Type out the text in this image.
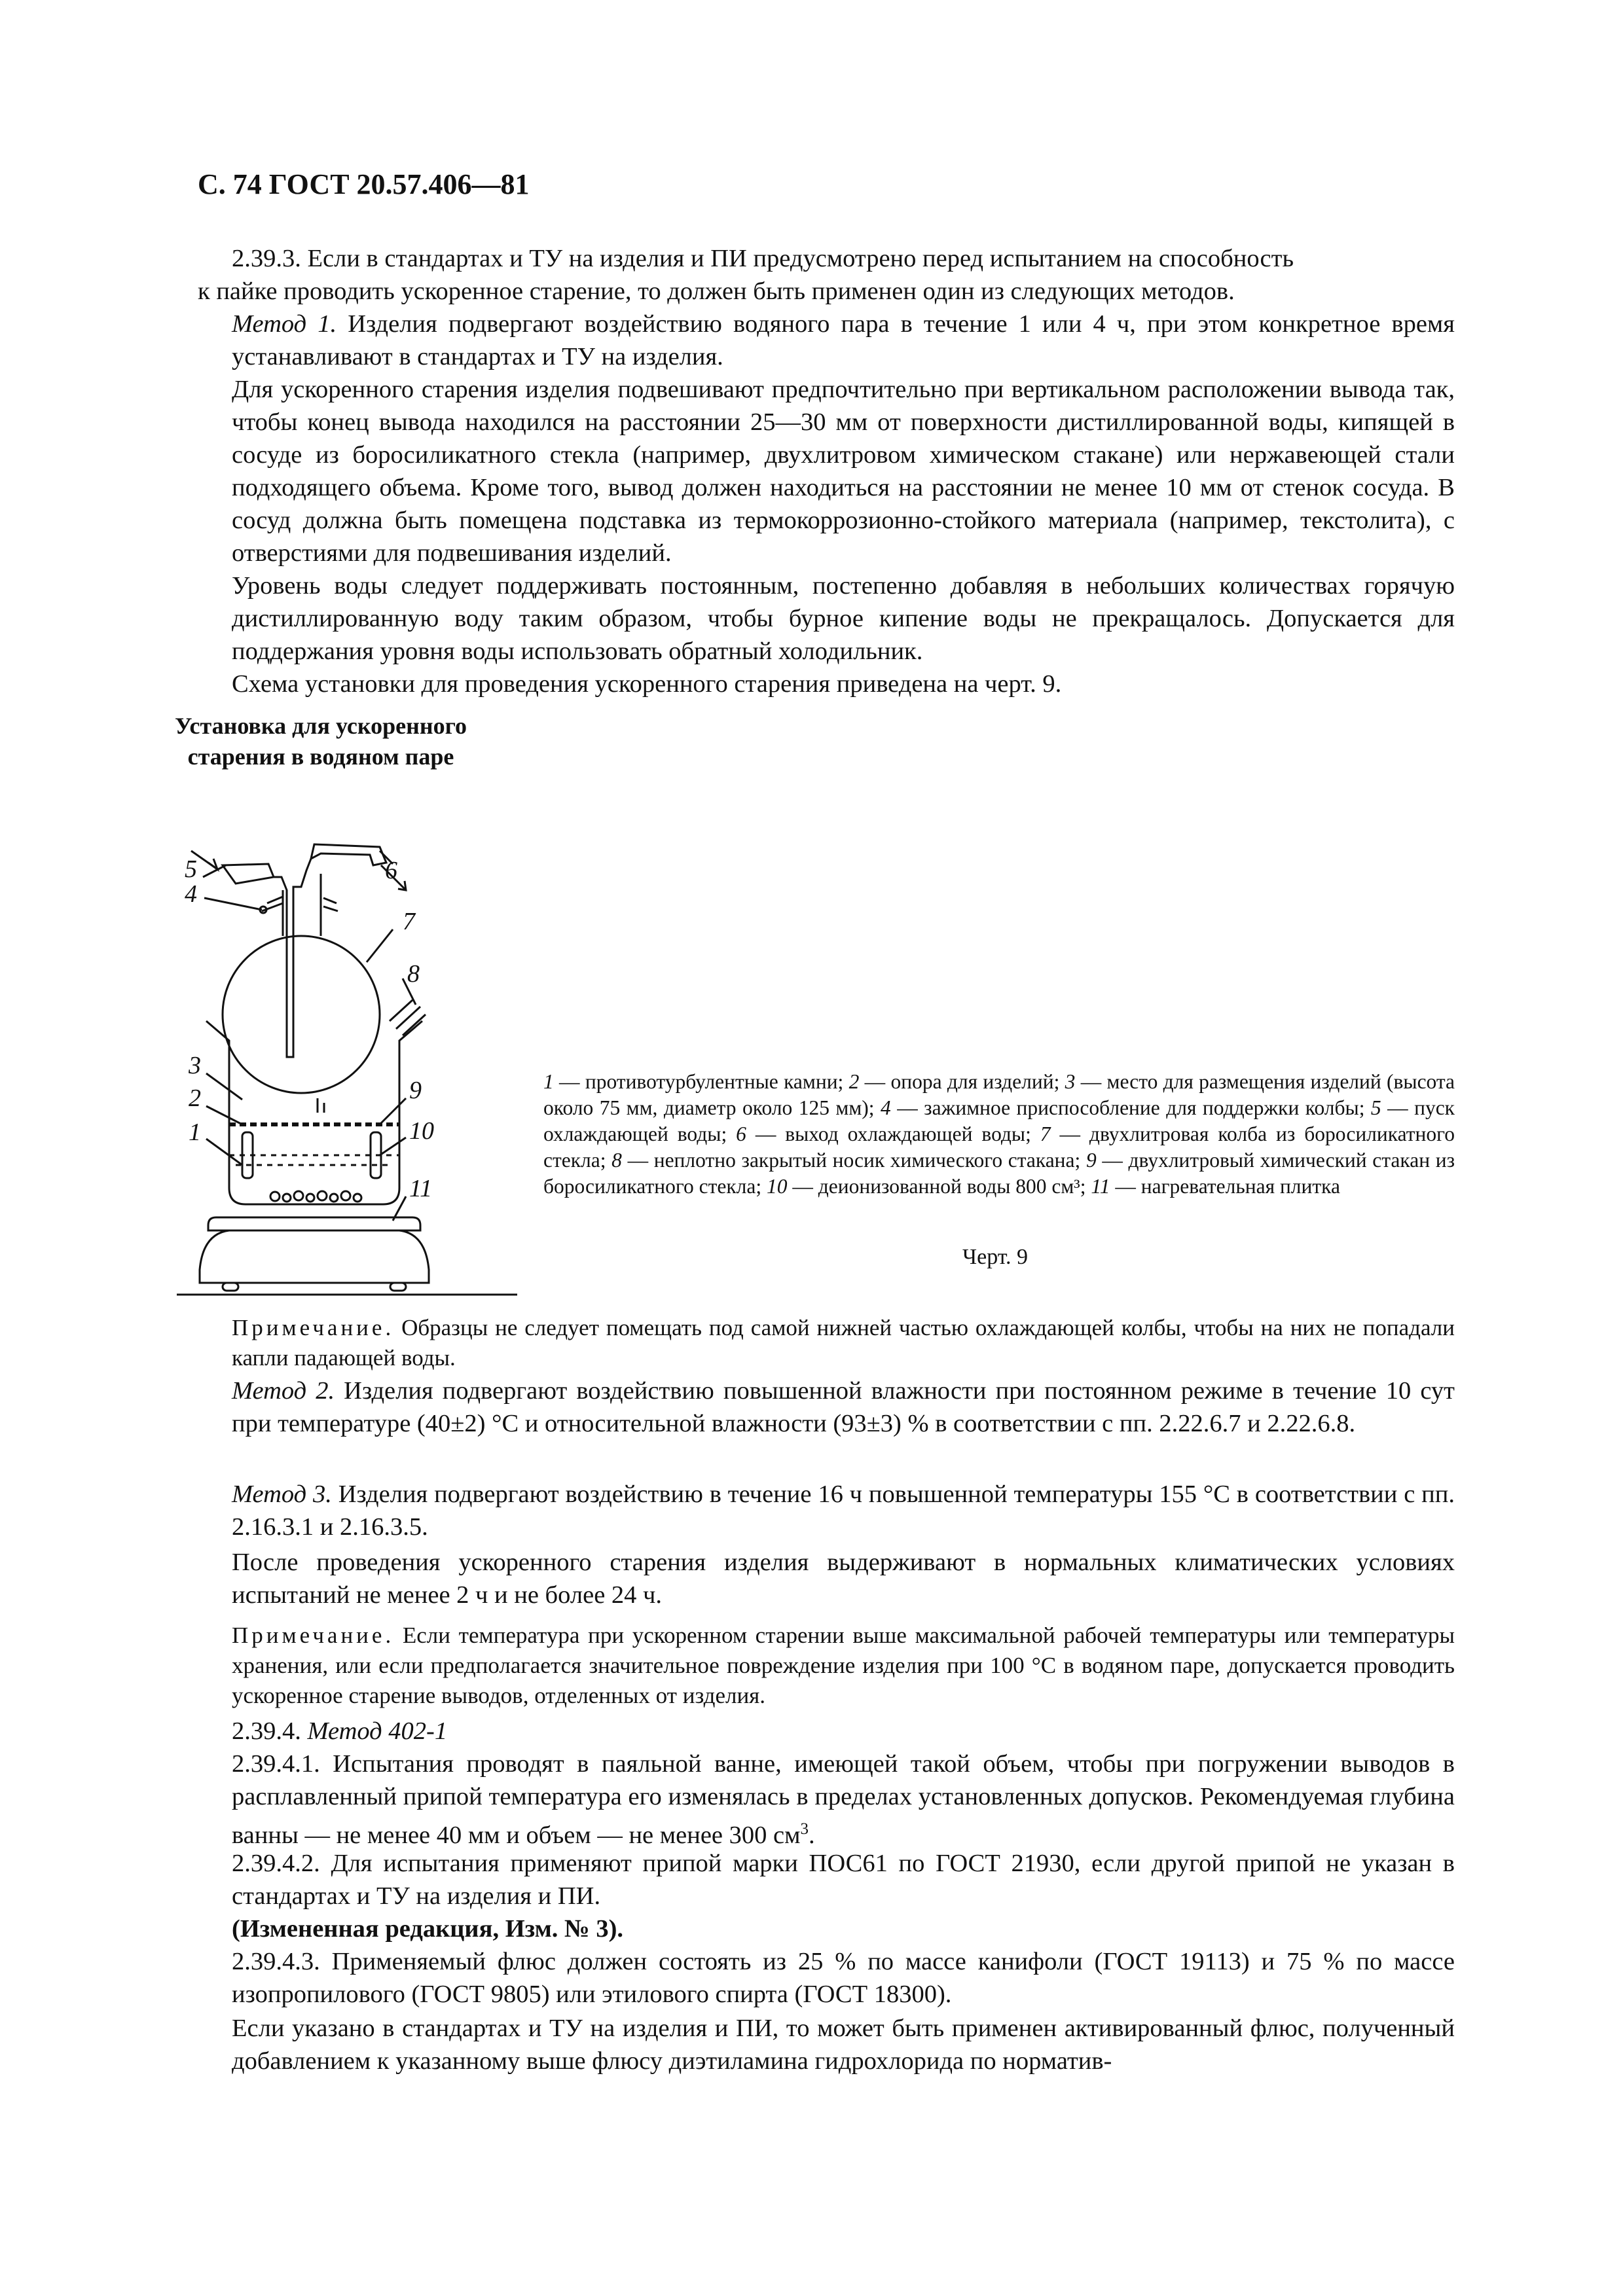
С. 74 ГОСТ 20.57.406—81
2.39.3. Если в стандартах и ТУ на изделия и ПИ предусмотрено перед испытанием на способность
к пайке проводить ускоренное старение, то должен быть применен один из следующих методов.
Метод 1. Изделия подвергают воздействию водяного пара в течение 1 или 4 ч, при этом конкретное время устанавливают в стандартах и ТУ на изделия.
Для ускоренного старения изделия подвешивают предпочтительно при вертикальном расположении вывода так, чтобы конец вывода находился на расстоянии 25—30 мм от поверхности дистиллированной воды, кипящей в сосуде из боросиликатного стекла (например, двухлитровом химическом стакане) или нержавеющей стали подходящего объема. Кроме того, вывод должен находиться на расстоянии не менее 10 мм от стенок сосуда. В сосуд должна быть помещена подставка из термокоррозионно-стойкого материала (например, текстолита), с отверстиями для подвешивания изделий.
Уровень воды следует поддерживать постоянным, постепенно добавляя в небольших количествах горячую дистиллированную воду таким образом, чтобы бурное кипение воды не прекращалось. Допускается для поддержания уровня воды использовать обратный холодильник.
Схема установки для проведения ускоренного старения приведена на черт. 9.
Установка для ускоренного старения в водяном паре
5
4
6
7
8
3
2
1
9
10
11
1 — противотурбулентные камни; 2 — опора для изделий; 3 — место для размещения изделий (высота около 75 мм, диаметр около 125 мм); 4 — зажимное приспособление для поддержки колбы; 5 — пуск охлаждающей воды; 6 — выход охлаждающей воды; 7 — двухлитровая колба из боросиликатного стекла; 8 — неплотно закрытый носик химического стакана; 9 — двухлитровый химический стакан из боросиликатного стекла; 10 — деионизованной воды 800 см³; 11 — нагревательная плитка
Черт. 9
Примечание. Образцы не следует помещать под самой нижней частью охлаждающей колбы, чтобы на них не попадали капли падающей воды.
Метод 2. Изделия подвергают воздействию повышенной влажности при постоянном режиме в течение 10 сут при температуре (40±2) °С и относительной влажности (93±3) % в соответствии с пп. 2.22.6.7 и 2.22.6.8.
Метод 3. Изделия подвергают воздействию в течение 16 ч повышенной температуры 155 °С в соответствии с пп. 2.16.3.1 и 2.16.3.5.
После проведения ускоренного старения изделия выдерживают в нормальных климатических условиях испытаний не менее 2 ч и не более 24 ч.
Примечание. Если температура при ускоренном старении выше максимальной рабочей температуры или температуры хранения, или если предполагается значительное повреждение изделия при 100 °С в водяном паре, допускается проводить ускоренное старение выводов, отделенных от изделия.
2.39.4. Метод 402-1
2.39.4.1. Испытания проводят в паяльной ванне, имеющей такой объем, чтобы при погружении выводов в расплавленный припой температура его изменялась в пределах установленных допусков. Рекомендуемая глубина ванны — не менее 40 мм и объем — не менее 300 $см^3$.
2.39.4.2. Для испытания применяют припой марки ПОС61 по ГОСТ 21930, если другой припой не указан в стандартах и ТУ на изделия и ПИ.
(Измененная редакция, Изм. № 3).
2.39.4.3. Применяемый флюс должен состоять из 25 % по массе канифоли (ГОСТ 19113) и 75 % по массе изопропилового (ГОСТ 9805) или этилового спирта (ГОСТ 18300).
Если указано в стандартах и ТУ на изделия и ПИ, то может быть применен активированный флюс, полученный добавлением к указанному выше флюсу диэтиламина гидрохлорида по норматив-
